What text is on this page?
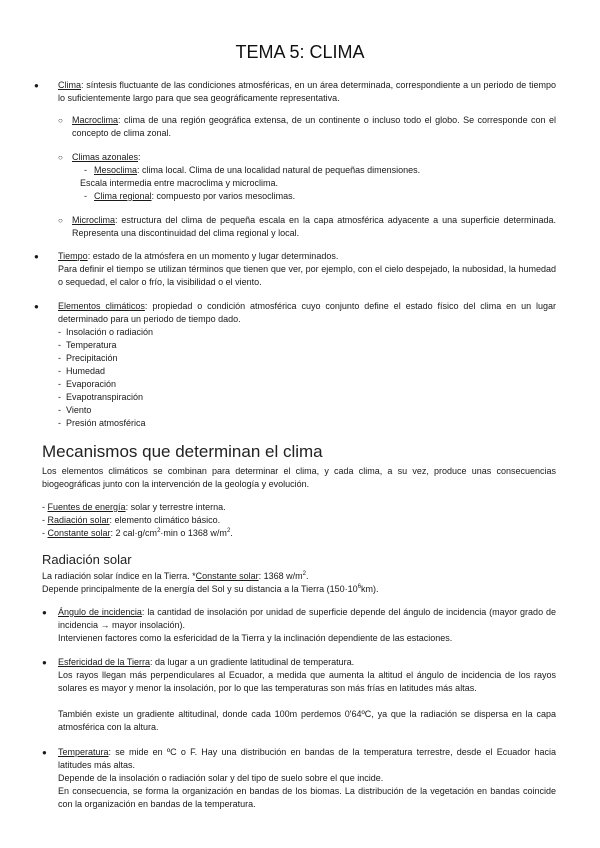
TEMA 5: CLIMA
● Clima: síntesis fluctuante de las condiciones atmosféricas, en un área determinada, correspondiente a un periodo de tiempo lo suficientemente largo para que sea geográficamente representativa.
○ Macroclima: clima de una región geográfica extensa, de un continente o incluso todo el globo. Se corresponde con el concepto de clima zonal.
○ Climas azonales:
- Mesoclima: clima local. Clima de una localidad natural de pequeñas dimensiones.
Escala intermedia entre macroclima y microclima.
- Clima regional: compuesto por varios mesoclimas.
○ Microclima: estructura del clima de pequeña escala en la capa atmosférica adyacente a una superficie determinada. Representa una discontinuidad del clima regional y local.
● Tiempo: estado de la atmósfera en un momento y lugar determinados.
Para definir el tiempo se utilizan términos que tienen que ver, por ejemplo, con el cielo despejado, la nubosidad, la humedad o sequedad, el calor o frío, la visibilidad o el viento.
● Elementos climáticos: propiedad o condición atmosférica cuyo conjunto define el estado físico del clima en un lugar determinado para un periodo de tiempo dado.
-  Insolación o radiación
-  Temperatura
-  Precipitación
-  Humedad
-  Evaporación
-  Evapotranspiración
-  Viento
-  Presión atmosférica
Mecanismos que determinan el clima
Los elementos climáticos se combinan para determinar el clima, y cada clima, a su vez, produce unas consecuencias biogeográficas junto con la intervención de la geología y evolución.
- Fuentes de energía: solar y terrestre interna.
- Radiación solar: elemento climático básico.
- Constante solar: 2 $cal\cdot g/cm^2\cdot\min$ o 1368 $w/m^2$.
Radiación solar
La radiación solar índice en la Tierra. *Constante solar: 1368 $w/m^2$.
Depende principalmente de la energía del Sol y su distancia a la Tierra $(150\cdot 10^6km)$.
● Ángulo de incidencia: la cantidad de insolación por unidad de superficie depende del ángulo de incidencia (mayor grado de incidencia → mayor insolación).
Intervienen factores como la esfericidad de la Tierra y la inclinación dependiente de las estaciones.
● Esfericidad de la Tierra: da lugar a un gradiente latitudinal de temperatura.
Los rayos llegan más perpendiculares al Ecuador, a medida que aumenta la altitud el ángulo de incidencia de los rayos solares es mayor y menor la insolación, por lo que las temperaturas son más frías en latitudes más altas.
También existe un gradiente altitudinal, donde cada 100m perdemos 0'64ºC, ya que la radiación se dispersa en la capa atmosférica con la altura.
● Temperatura: se mide en ºC o F. Hay una distribución en bandas de la temperatura terrestre, desde el Ecuador hacia latitudes más altas.
Depende de la insolación o radiación solar y del tipo de suelo sobre el que incide.
En consecuencia, se forma la organización en bandas de los biomas. La distribución de la vegetación en bandas coincide con la organización en bandas de la temperatura.
